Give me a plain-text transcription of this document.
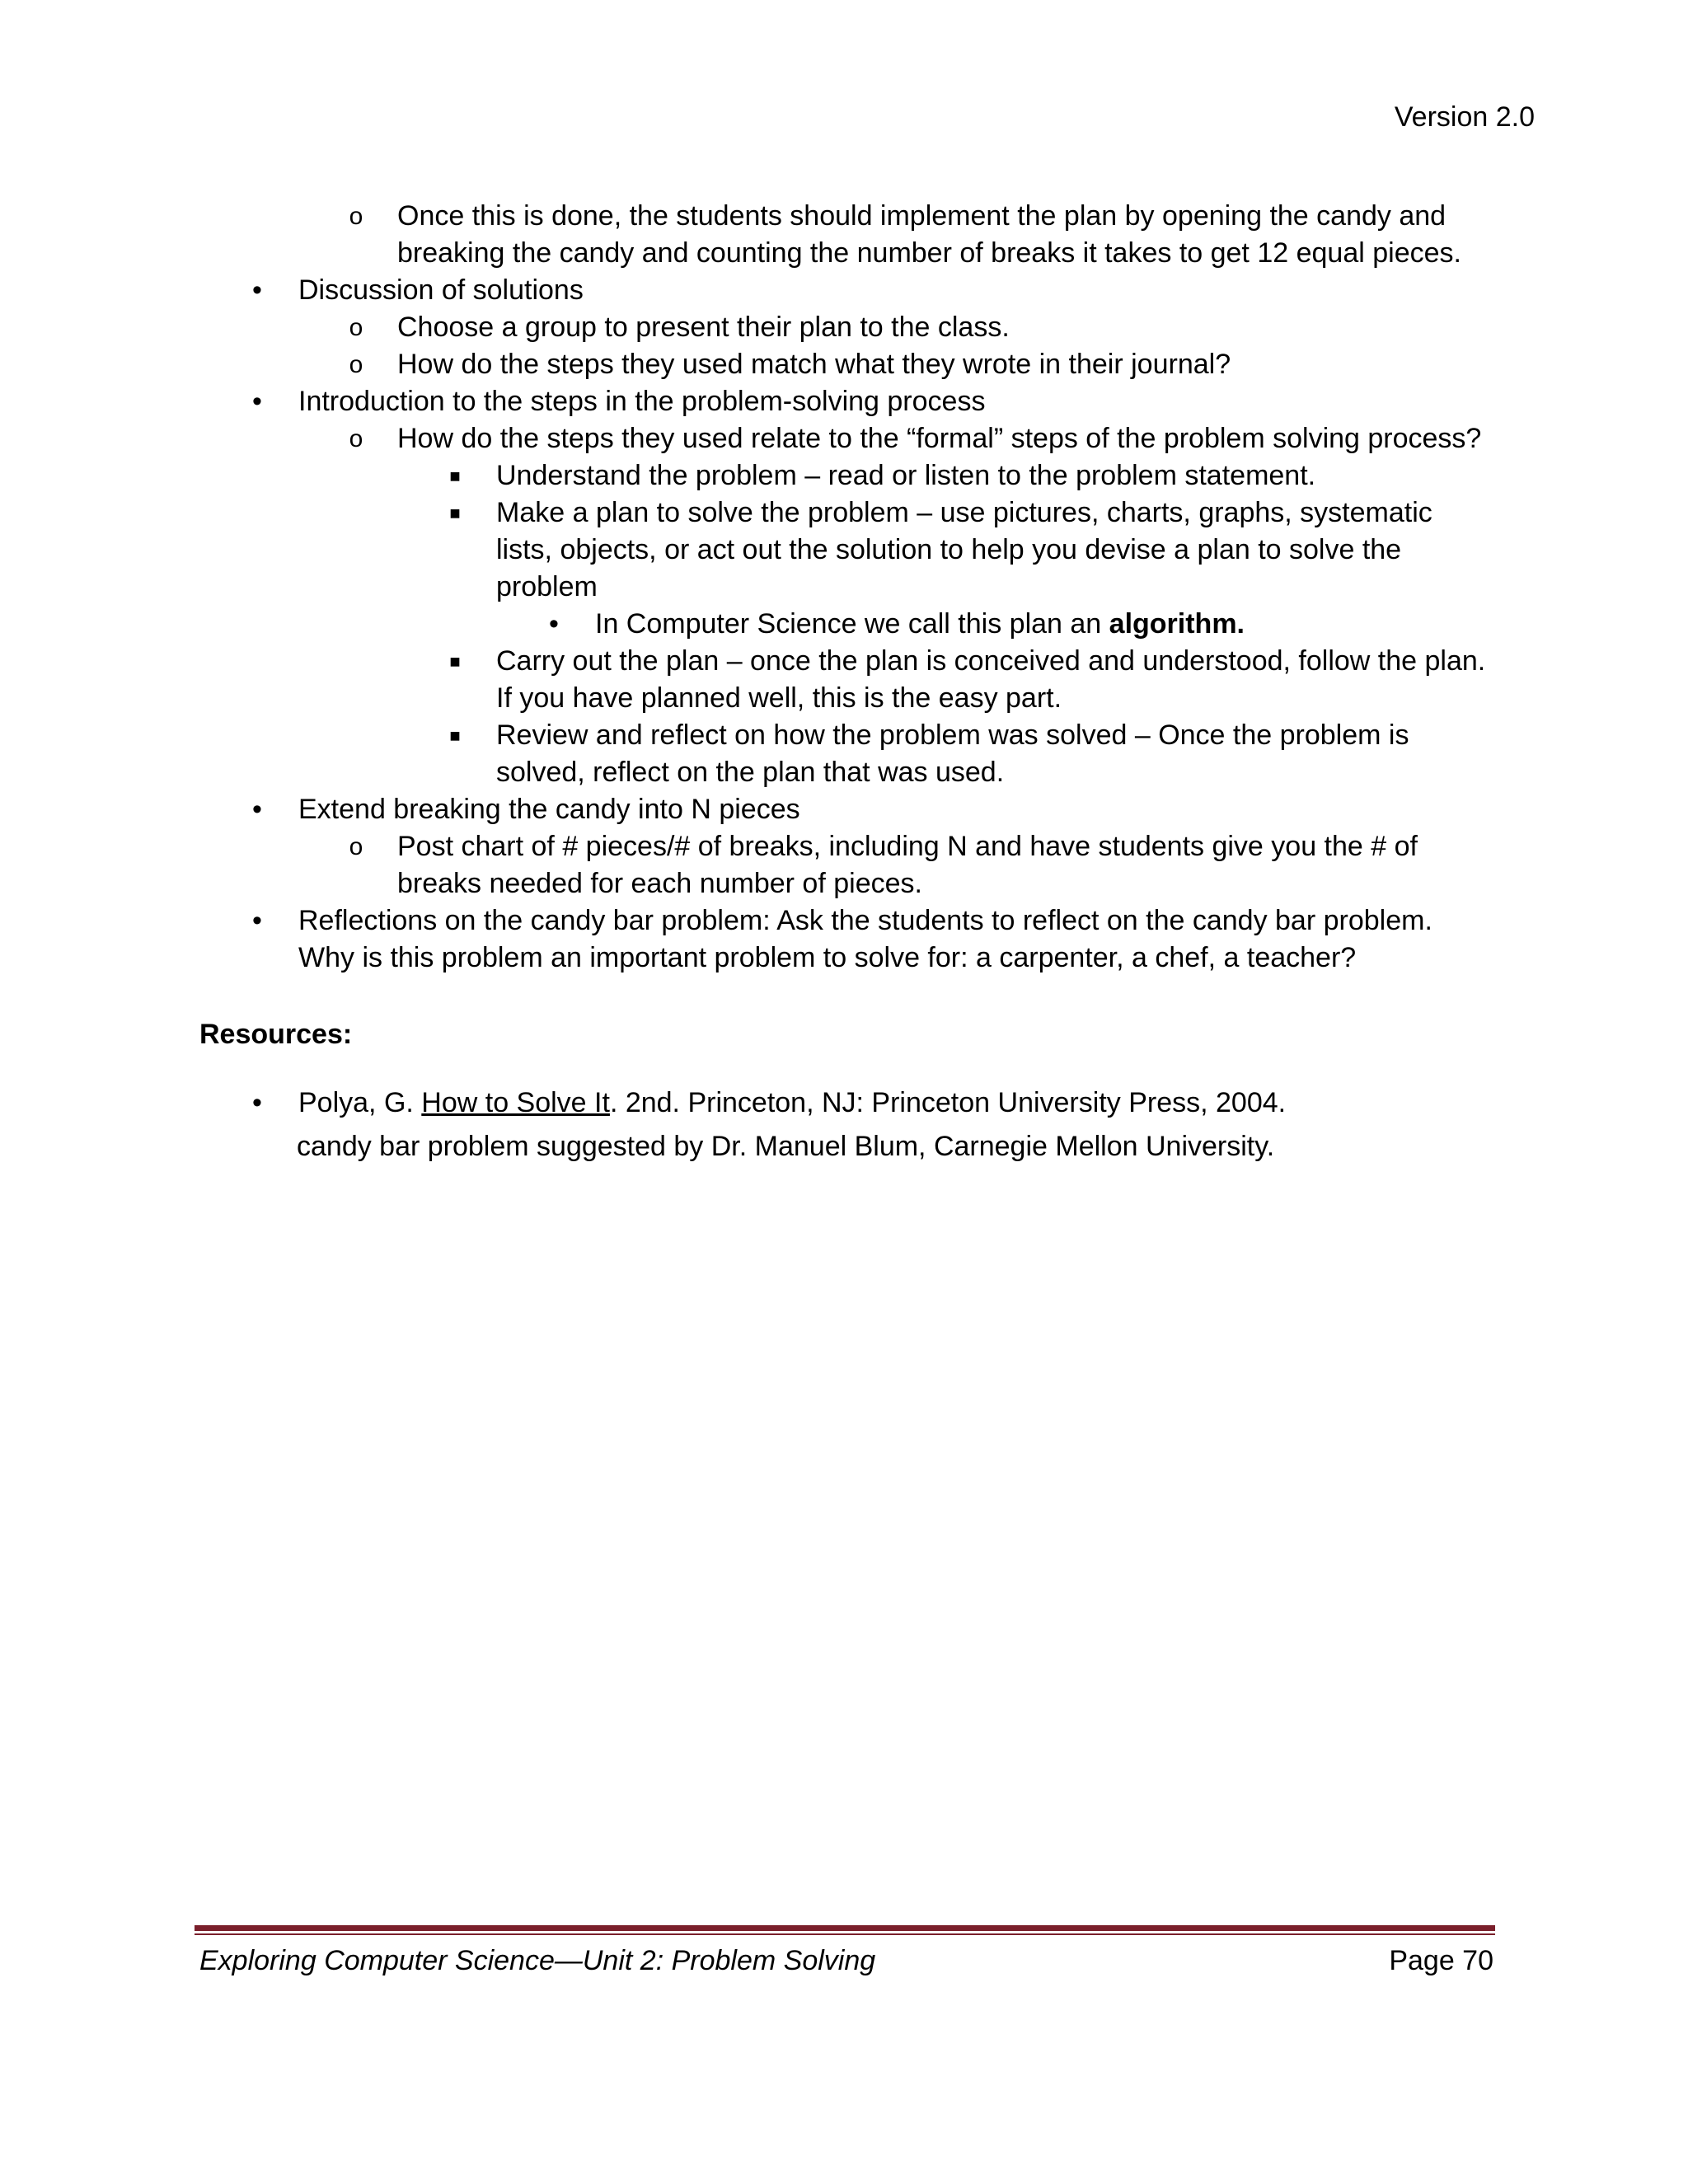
Version 2.0
o	Once this is done, the students should implement the plan by opening the candy and breaking the candy and counting the number of breaks it takes to get 12 equal pieces.
•	Discussion of solutions
o	Choose a group to present their plan to the class.
o	How do the steps they used match what they wrote in their journal?
•	Introduction to the steps in the problem-solving process
o	How do the steps they used relate to the “formal” steps of the problem solving process?
■	Understand the problem – read or listen to the problem statement.
■	Make a plan to solve the problem – use pictures, charts, graphs, systematic lists, objects, or act out the solution to help you devise a plan to solve the problem
•	In Computer Science we call this plan an algorithm.
■	Carry out the plan – once the plan is conceived and understood, follow the plan. If you have planned well, this is the easy part.
■	Review and reflect on how the problem was solved – Once the problem is solved, reflect on the plan that was used.
•	Extend breaking the candy into N pieces
o	Post chart of # pieces/# of breaks, including N and have students give you the # of breaks needed for each number of pieces.
•	Reflections on the candy bar problem: Ask the students to reflect on the candy bar problem. Why is this problem an important problem to solve for: a carpenter, a chef, a teacher?
Resources:
•	Polya, G. How to Solve It. 2nd. Princeton, NJ: Princeton University Press, 2004.
candy bar problem suggested by Dr. Manuel Blum, Carnegie Mellon University.
Exploring Computer Science—Unit 2: Problem Solving	Page 70
